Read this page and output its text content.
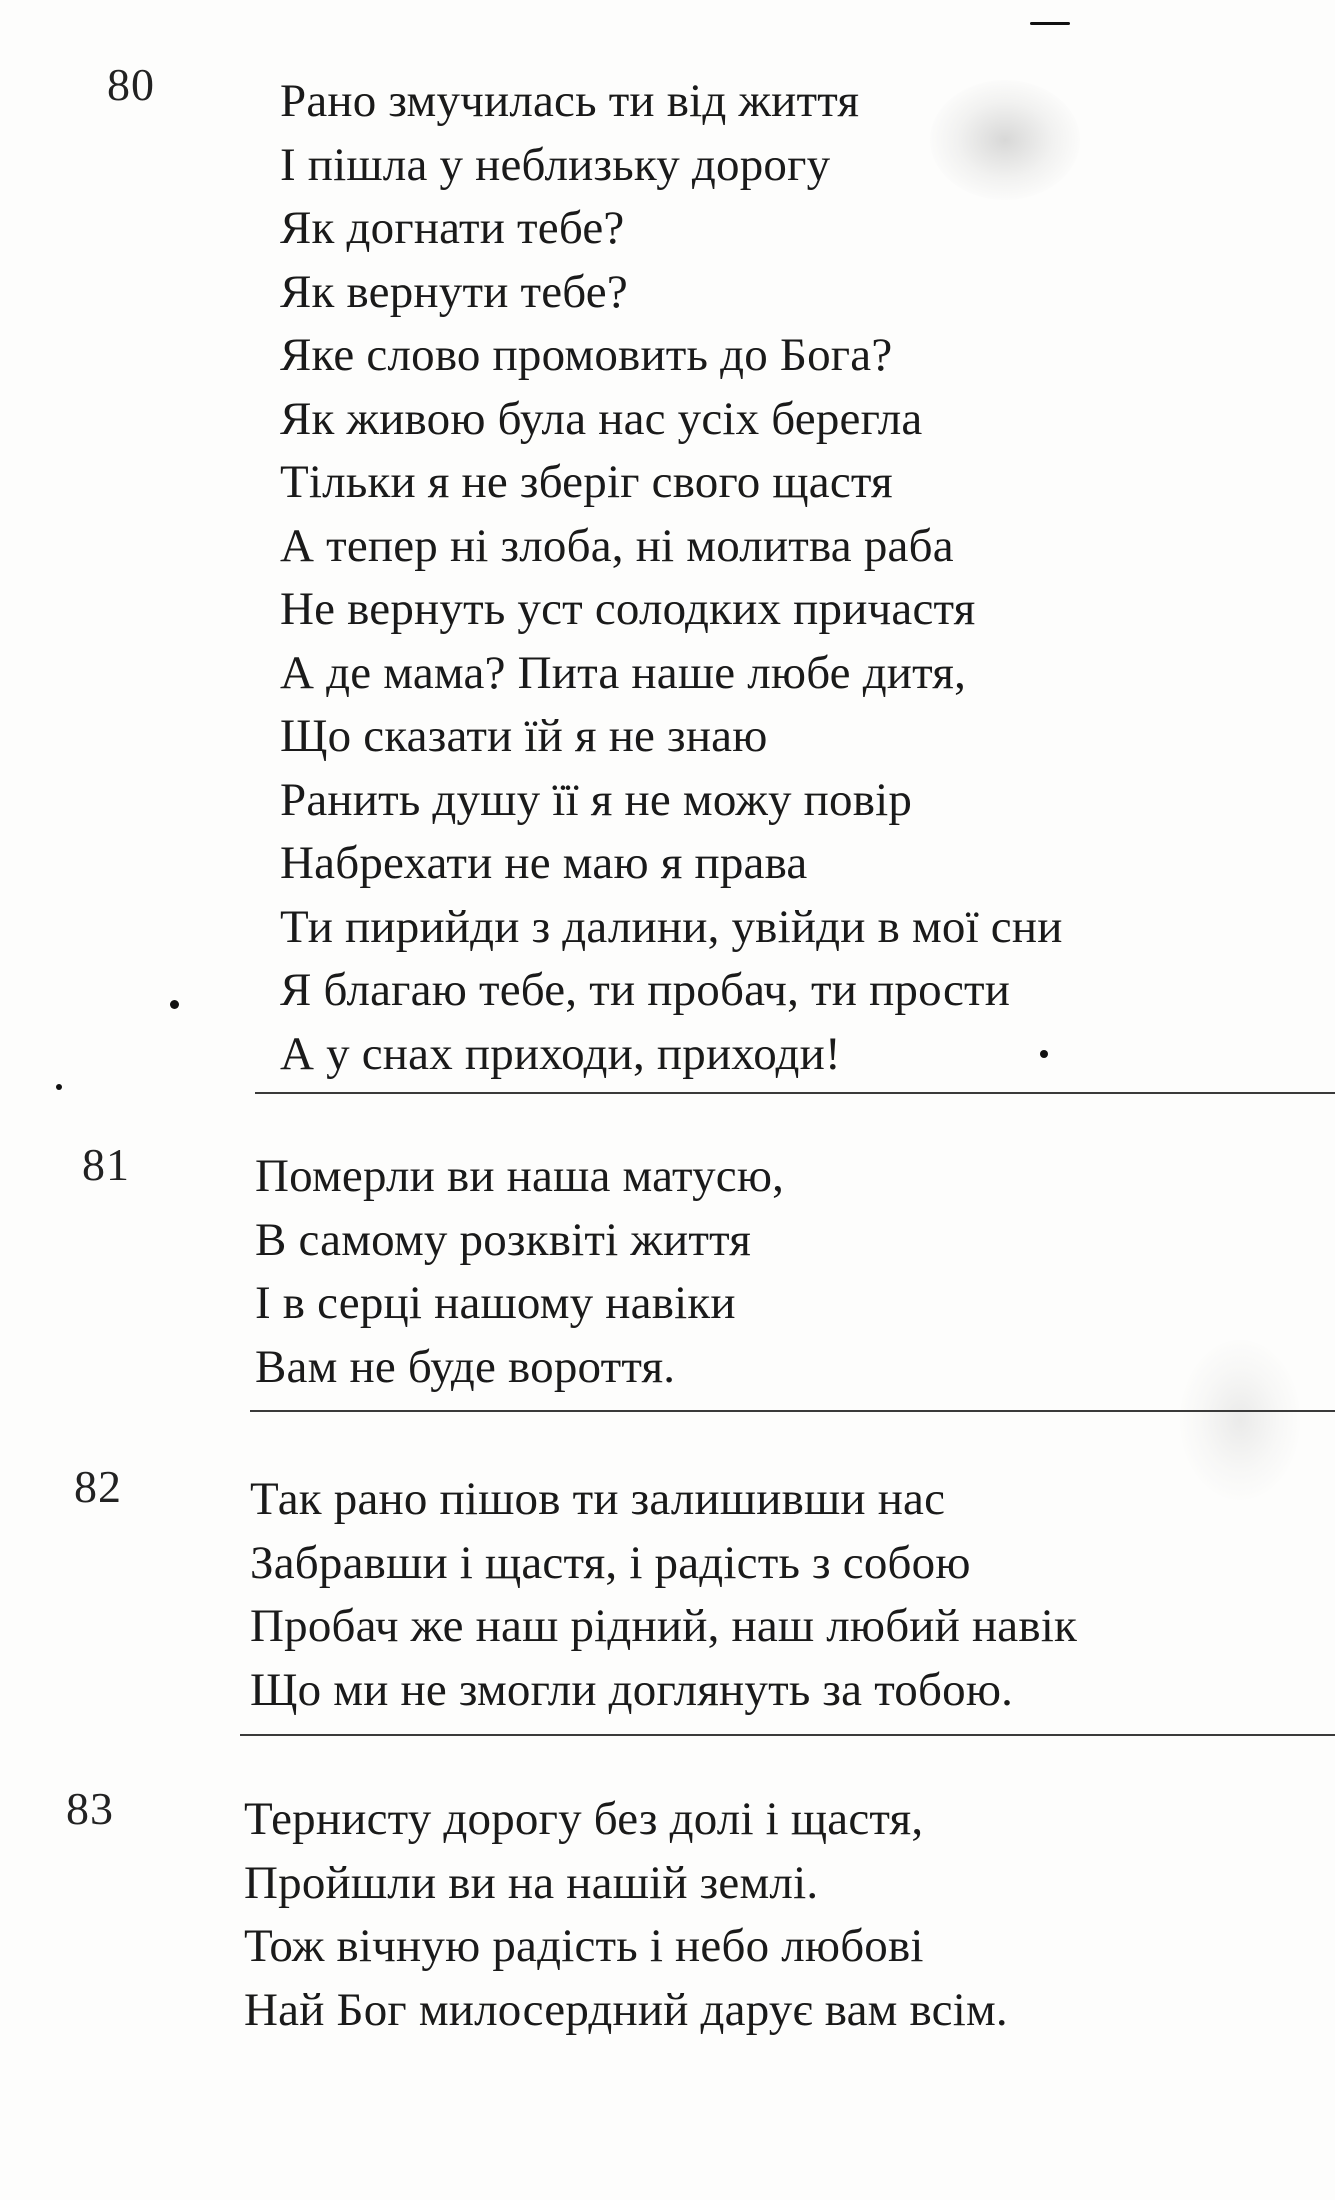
80	Рано змучилась ти від життя
І пішла у неблизьку дорогу
Як догнати тебе?
Як вернути тебе?
Яке слово промовить до Бога?
Як живою була нас усіх берегла
Тільки я не зберіг свого щастя
А тепер ні злоба, ні молитва раба
Не вернуть уст солодких причастя
А де мама? Пита наше любе дитя,
Що сказати їй я не знаю
Ранить душу її я не можу повір
Набрехати не маю я права
Ти пирийди з далини, увійди в мої сни
Я благаю тебе, ти пробач, ти прости
А у снах приходи, приходи!
81	Померли ви наша матусю,
В самому розквіті життя
І в серці нашому навіки
Вам не буде вороття.
82	Так рано пішов ти залишивши нас
Забравши і щастя, і радість з собою
Пробач же наш рідний, наш любий навік
Що ми не змогли доглянуть за тобою.
83	Тернисту дорогу без долі і щастя,
Пройшли ви на нашій землі.
Тож вічную радість і небо любові
Най Бог милосердний дарує вам всім.
